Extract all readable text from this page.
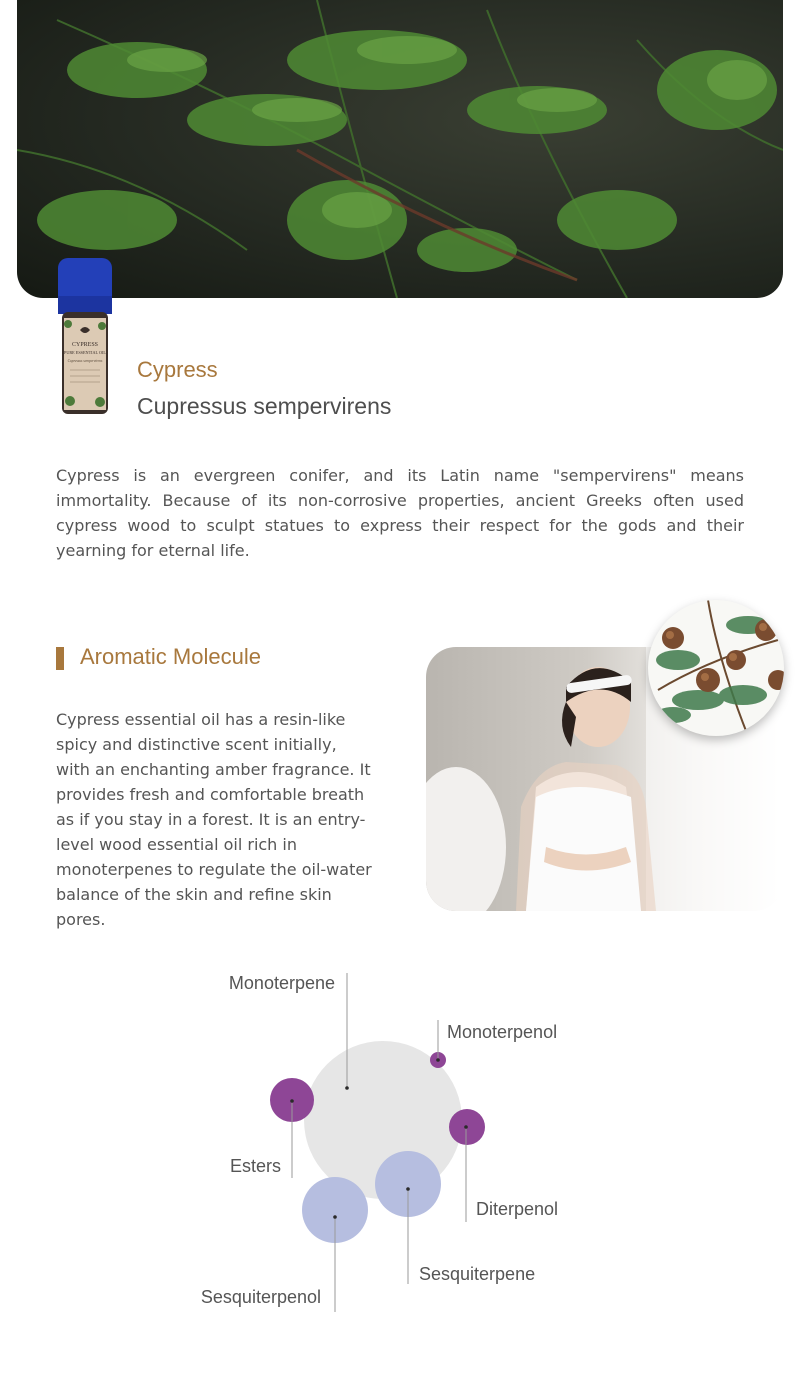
CYPRESS
PURE ESSENTIAL OIL
Cupressus sempervirens Cypress
Cupressus sempervirens

Cypress is an evergreen conifer, and its Latin name "sempervirens" means immortality. Because of its non-corrosive properties, ancient Greeks often used cypress wood to sculpt statues to express their respect for the gods and their yearning for eternal life.

Aromatic Molecule

Cypress essential oil has a resin-like spicy and distinctive scent initially, with an enchanting amber fragrance. It provides fresh and comfortable breath as if you stay in a forest. It is an entry-level wood essential oil rich in monoterpenes to regulate the oil-water balance of the skin and refine skin pores.

Monoterpene
Monoterpenol
Esters
Diterpenol
Sesquiterpene
Sesquiterpenol
